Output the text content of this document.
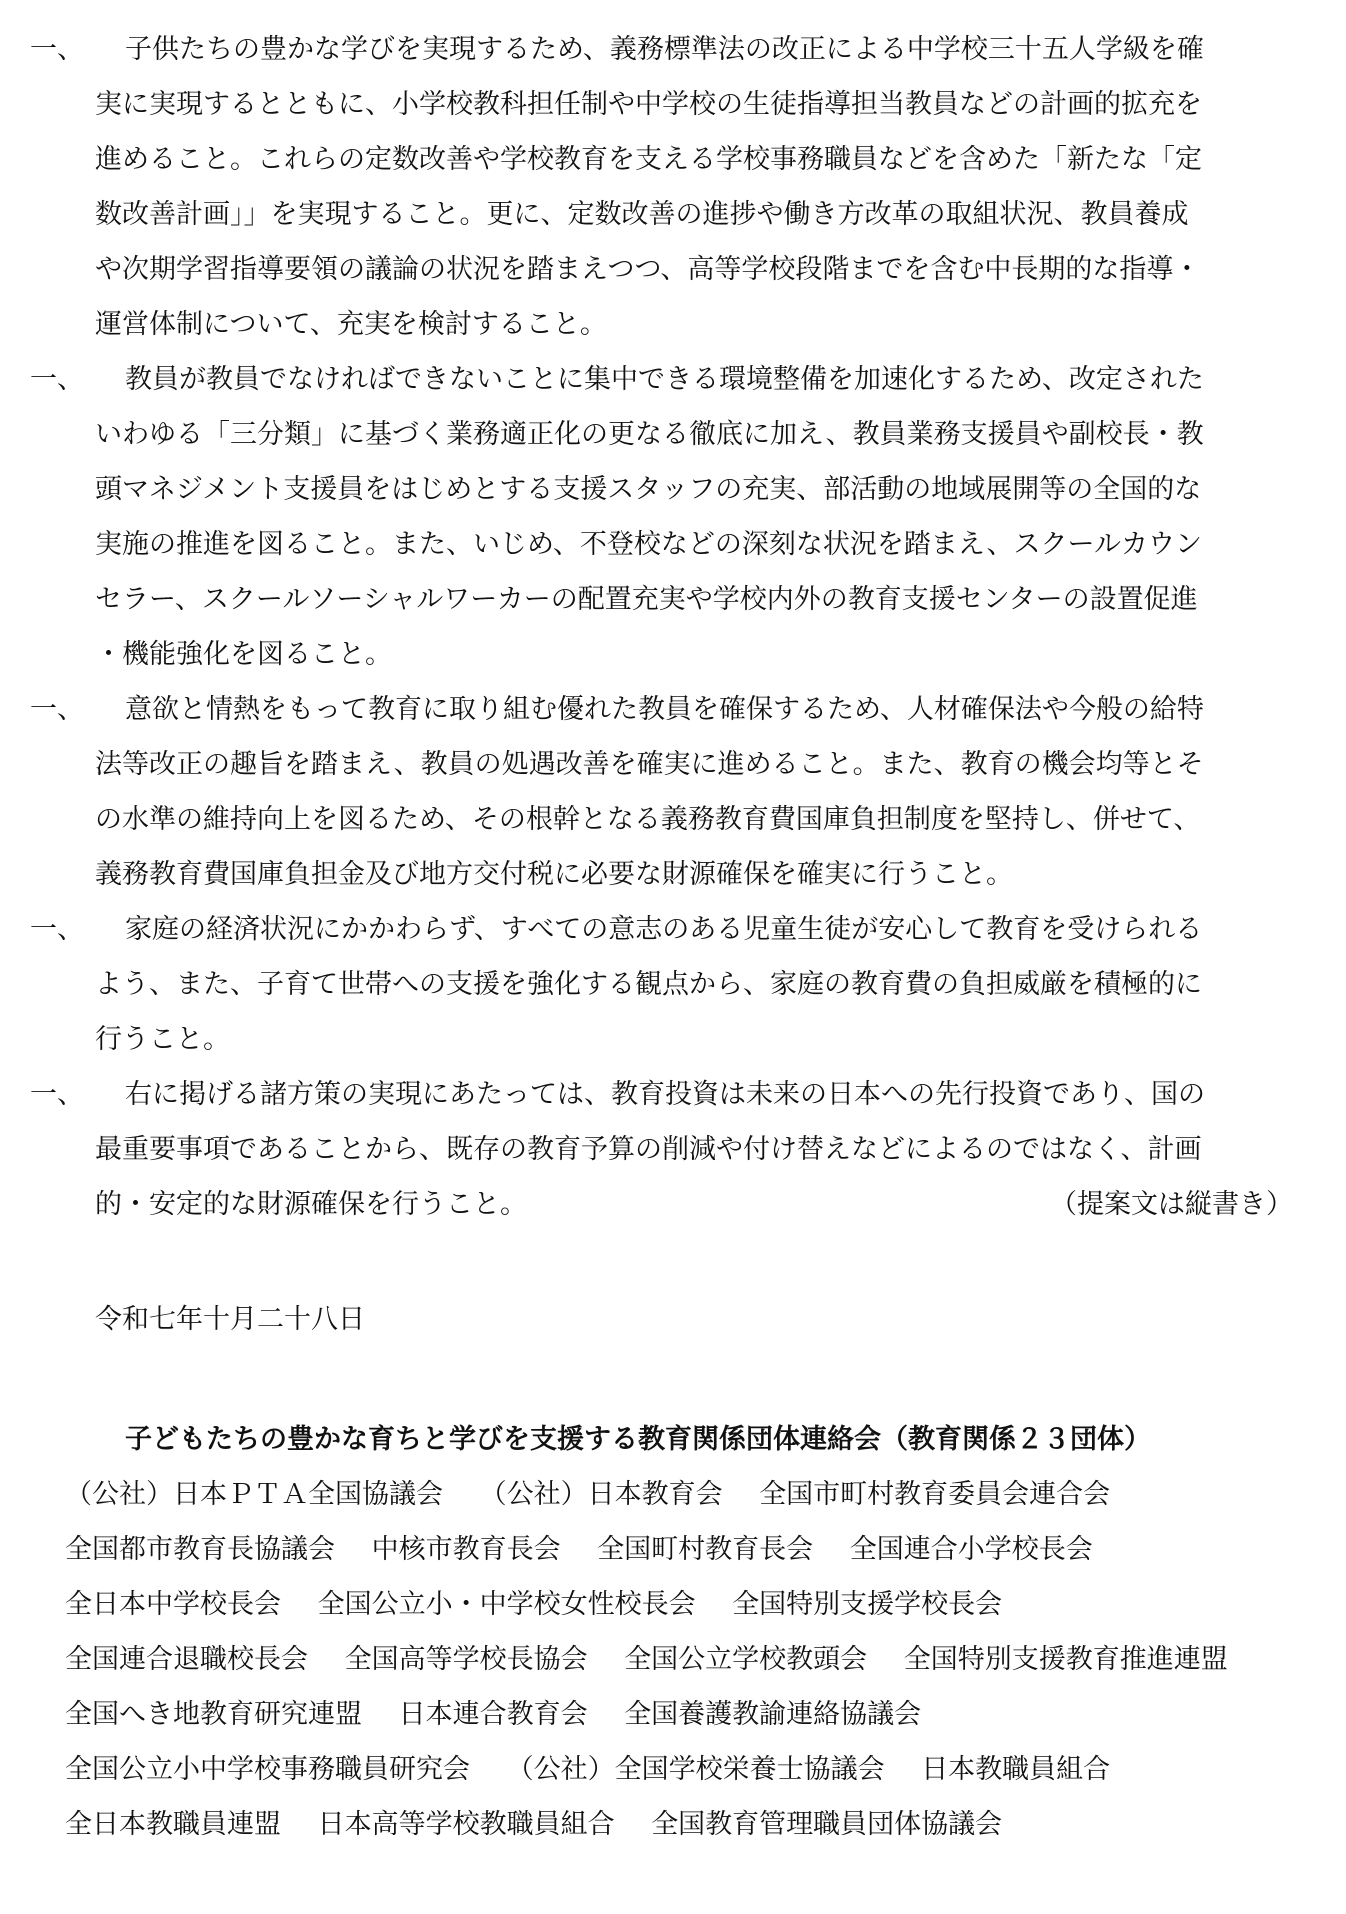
一、 子供たちの豊かな学びを実現するため、義務標準法の改正による中学校三十五人学級を確
実に実現するとともに、小学校教科担任制や中学校の生徒指導担当教員などの計画的拡充を
進めること。これらの定数改善や学校教育を支える学校事務職員などを含めた「新たな「定
数改善計画」」を実現すること。更に、定数改善の進捗や働き方改革の取組状況、教員養成
や次期学習指導要領の議論の状況を踏まえつつ、高等学校段階までを含む中長期的な指導・
運営体制について、充実を検討すること。
一、 教員が教員でなければできないことに集中できる環境整備を加速化するため、改定された
いわゆる「三分類」に基づく業務適正化の更なる徹底に加え、教員業務支援員や副校長・教
頭マネジメント支援員をはじめとする支援スタッフの充実、部活動の地域展開等の全国的な
実施の推進を図ること。また、いじめ、不登校などの深刻な状況を踏まえ、スクールカウン
セラー、スクールソーシャルワーカーの配置充実や学校内外の教育支援センターの設置促進
・機能強化を図ること。
一、 意欲と情熱をもって教育に取り組む優れた教員を確保するため、人材確保法や今般の給特
法等改正の趣旨を踏まえ、教員の処遇改善を確実に進めること。また、教育の機会均等とそ
の水準の維持向上を図るため、その根幹となる義務教育費国庫負担制度を堅持し、併せて、
義務教育費国庫負担金及び地方交付税に必要な財源確保を確実に行うこと。
一、 家庭の経済状況にかかわらず、すべての意志のある児童生徒が安心して教育を受けられる
よう、また、子育て世帯への支援を強化する観点から、家庭の教育費の負担威厳を積極的に
行うこと。
一、 右に掲げる諸方策の実現にあたっては、教育投資は未来の日本への先行投資であり、国の
最重要事項であることから、既存の教育予算の削減や付け替えなどによるのではなく、計画
的・安定的な財源確保を行うこと。	（提案文は縦書き）
令和七年十月二十八日
子どもたちの豊かな育ちと学びを支援する教育関係団体連絡会（教育関係２３団体）
（公社）日本ＰＴＡ全国協議会 （公社）日本教育会 全国市町村教育委員会連合会
全国都市教育長協議会 中核市教育長会 全国町村教育長会 全国連合小学校長会
全日本中学校長会 全国公立小・中学校女性校長会 全国特別支援学校長会
全国連合退職校長会 全国高等学校長協会 全国公立学校教頭会 全国特別支援教育推進連盟
全国へき地教育研究連盟 日本連合教育会 全国養護教諭連絡協議会
全国公立小中学校事務職員研究会 （公社）全国学校栄養士協議会 日本教職員組合
全日本教職員連盟 日本高等学校教職員組合 全国教育管理職員団体協議会
